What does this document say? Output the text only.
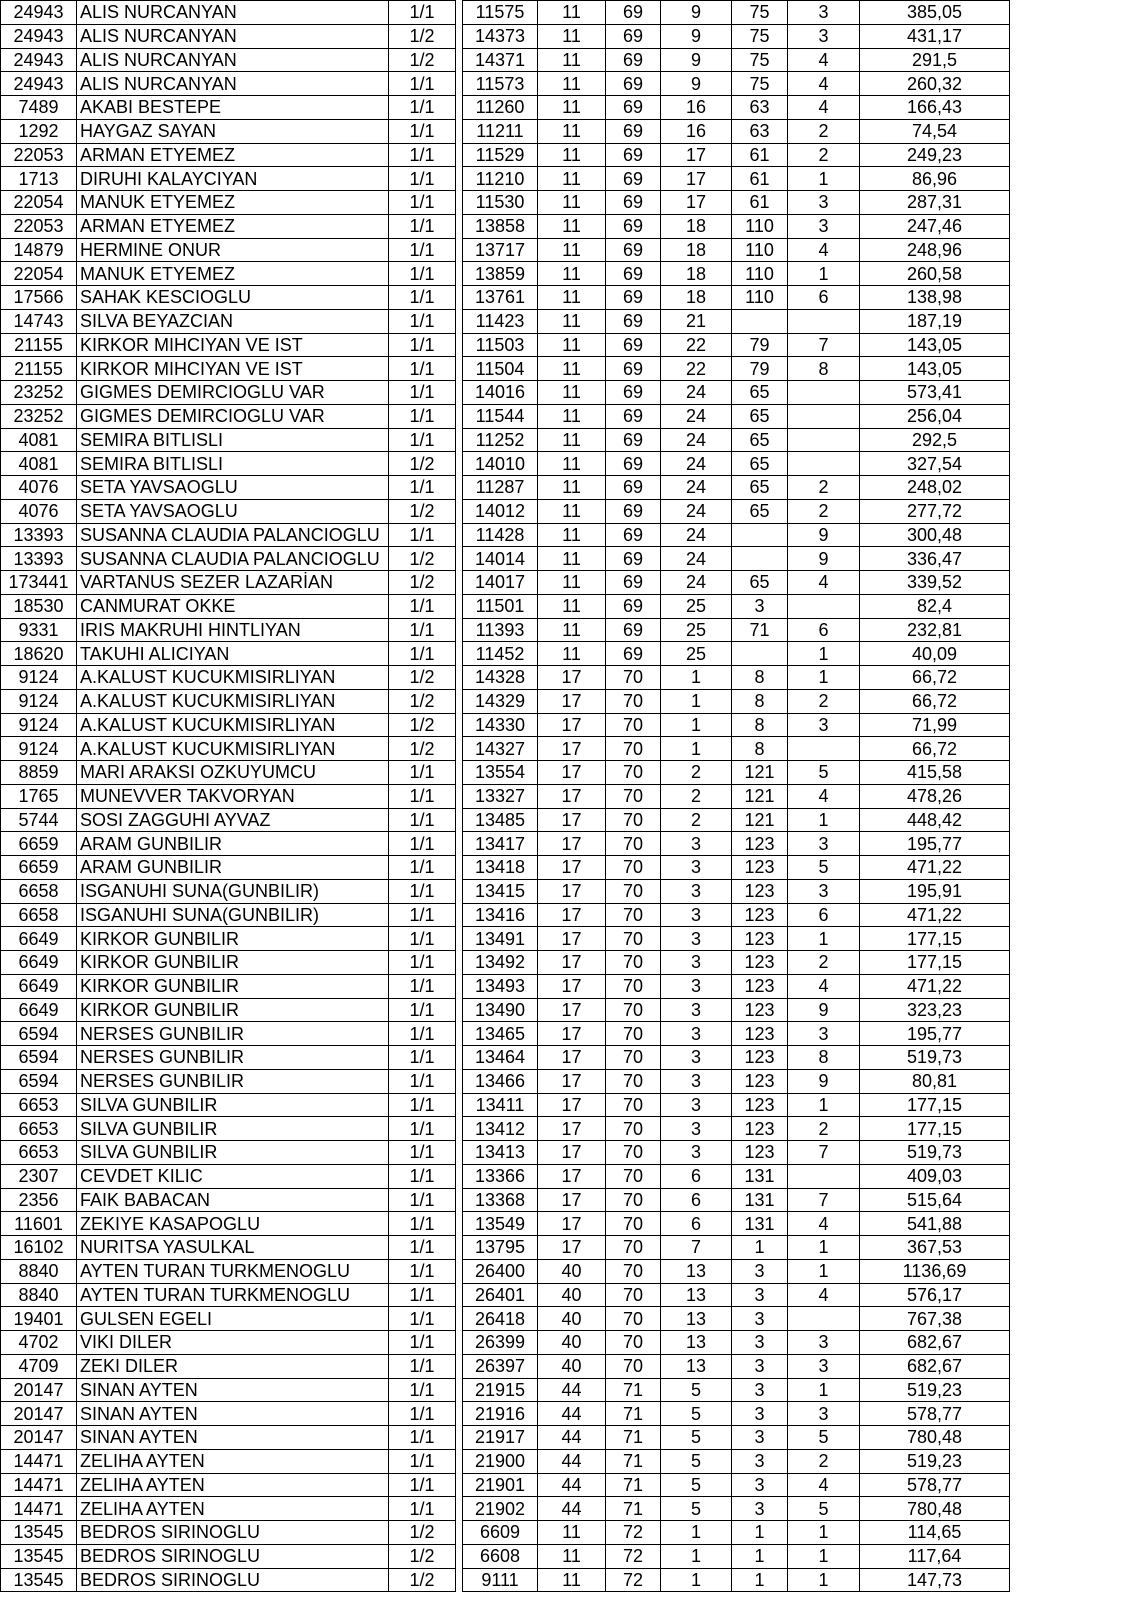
24943	ALIS NURCANYAN	1/1		11575	11	69	9	75	3	385,05
24943	ALIS NURCANYAN	1/2		14373	11	69	9	75	3	431,17
24943	ALIS NURCANYAN	1/2		14371	11	69	9	75	4	291,5
24943	ALIS NURCANYAN	1/1		11573	11	69	9	75	4	260,32
7489	AKABI BESTEPE	1/1		11260	11	69	16	63	4	166,43
1292	HAYGAZ SAYAN	1/1		11211	11	69	16	63	2	74,54
22053	ARMAN ETYEMEZ	1/1		11529	11	69	17	61	2	249,23
1713	DIRUHI KALAYCIYAN	1/1		11210	11	69	17	61	1	86,96
22054	MANUK ETYEMEZ	1/1		11530	11	69	17	61	3	287,31
22053	ARMAN ETYEMEZ	1/1		13858	11	69	18	110	3	247,46
14879	HERMINE ONUR	1/1		13717	11	69	18	110	4	248,96
22054	MANUK ETYEMEZ	1/1		13859	11	69	18	110	1	260,58
17566	SAHAK KESCIOGLU	1/1		13761	11	69	18	110	6	138,98
14743	SILVA BEYAZCIAN	1/1		11423	11	69	21			187,19
21155	KIRKOR MIHCIYAN VE IST	1/1		11503	11	69	22	79	7	143,05
21155	KIRKOR MIHCIYAN VE IST	1/1		11504	11	69	22	79	8	143,05
23252	GIGMES DEMIRCIOGLU VAR	1/1		14016	11	69	24	65		573,41
23252	GIGMES DEMIRCIOGLU VAR	1/1		11544	11	69	24	65		256,04
4081	SEMIRA BITLISLI	1/1		11252	11	69	24	65		292,5
4081	SEMIRA BITLISLI	1/2		14010	11	69	24	65		327,54
4076	SETA YAVSAOGLU	1/1		11287	11	69	24	65	2	248,02
4076	SETA YAVSAOGLU	1/2		14012	11	69	24	65	2	277,72
13393	SUSANNA CLAUDIA PALANCIOGLU	1/1		11428	11	69	24		9	300,48
13393	SUSANNA CLAUDIA PALANCIOGLU	1/2		14014	11	69	24		9	336,47
173441	VARTANUS SEZER LAZARİAN	1/2		14017	11	69	24	65	4	339,52
18530	CANMURAT OKKE	1/1		11501	11	69	25	3		82,4
9331	IRIS MAKRUHI HINTLIYAN	1/1		11393	11	69	25	71	6	232,81
18620	TAKUHI ALICIYAN	1/1		11452	11	69	25		1	40,09
9124	A.KALUST KUCUKMISIRLIYAN	1/2		14328	17	70	1	8	1	66,72
9124	A.KALUST KUCUKMISIRLIYAN	1/2		14329	17	70	1	8	2	66,72
9124	A.KALUST KUCUKMISIRLIYAN	1/2		14330	17	70	1	8	3	71,99
9124	A.KALUST KUCUKMISIRLIYAN	1/2		14327	17	70	1	8		66,72
8859	MARI ARAKSI OZKUYUMCU	1/1		13554	17	70	2	121	5	415,58
1765	MUNEVVER TAKVORYAN	1/1		13327	17	70	2	121	4	478,26
5744	SOSI ZAGGUHI AYVAZ	1/1		13485	17	70	2	121	1	448,42
6659	ARAM GUNBILIR	1/1		13417	17	70	3	123	3	195,77
6659	ARAM GUNBILIR	1/1		13418	17	70	3	123	5	471,22
6658	ISGANUHI SUNA(GUNBILIR)	1/1		13415	17	70	3	123	3	195,91
6658	ISGANUHI SUNA(GUNBILIR)	1/1		13416	17	70	3	123	6	471,22
6649	KIRKOR GUNBILIR	1/1		13491	17	70	3	123	1	177,15
6649	KIRKOR GUNBILIR	1/1		13492	17	70	3	123	2	177,15
6649	KIRKOR GUNBILIR	1/1		13493	17	70	3	123	4	471,22
6649	KIRKOR GUNBILIR	1/1		13490	17	70	3	123	9	323,23
6594	NERSES GUNBILIR	1/1		13465	17	70	3	123	3	195,77
6594	NERSES GUNBILIR	1/1		13464	17	70	3	123	8	519,73
6594	NERSES GUNBILIR	1/1		13466	17	70	3	123	9	80,81
6653	SILVA GUNBILIR	1/1		13411	17	70	3	123	1	177,15
6653	SILVA GUNBILIR	1/1		13412	17	70	3	123	2	177,15
6653	SILVA GUNBILIR	1/1		13413	17	70	3	123	7	519,73
2307	CEVDET KILIC	1/1		13366	17	70	6	131		409,03
2356	FAIK BABACAN	1/1		13368	17	70	6	131	7	515,64
11601	ZEKIYE KASAPOGLU	1/1		13549	17	70	6	131	4	541,88
16102	NURITSA YASULKAL	1/1		13795	17	70	7	1	1	367,53
8840	AYTEN TURAN TURKMENOGLU	1/1		26400	40	70	13	3	1	1136,69
8840	AYTEN TURAN TURKMENOGLU	1/1		26401	40	70	13	3	4	576,17
19401	GULSEN EGELI	1/1		26418	40	70	13	3		767,38
4702	VIKI DILER	1/1		26399	40	70	13	3	3	682,67
4709	ZEKI DILER	1/1		26397	40	70	13	3	3	682,67
20147	SINAN AYTEN	1/1		21915	44	71	5	3	1	519,23
20147	SINAN AYTEN	1/1		21916	44	71	5	3	3	578,77
20147	SINAN AYTEN	1/1		21917	44	71	5	3	5	780,48
14471	ZELIHA AYTEN	1/1		21900	44	71	5	3	2	519,23
14471	ZELIHA AYTEN	1/1		21901	44	71	5	3	4	578,77
14471	ZELIHA AYTEN	1/1		21902	44	71	5	3	5	780,48
13545	BEDROS SIRINOGLU	1/2		6609	11	72	1	1	1	114,65
13545	BEDROS SIRINOGLU	1/2		6608	11	72	1	1	1	117,64
13545	BEDROS SIRINOGLU	1/2		9111	11	72	1	1	1	147,73
